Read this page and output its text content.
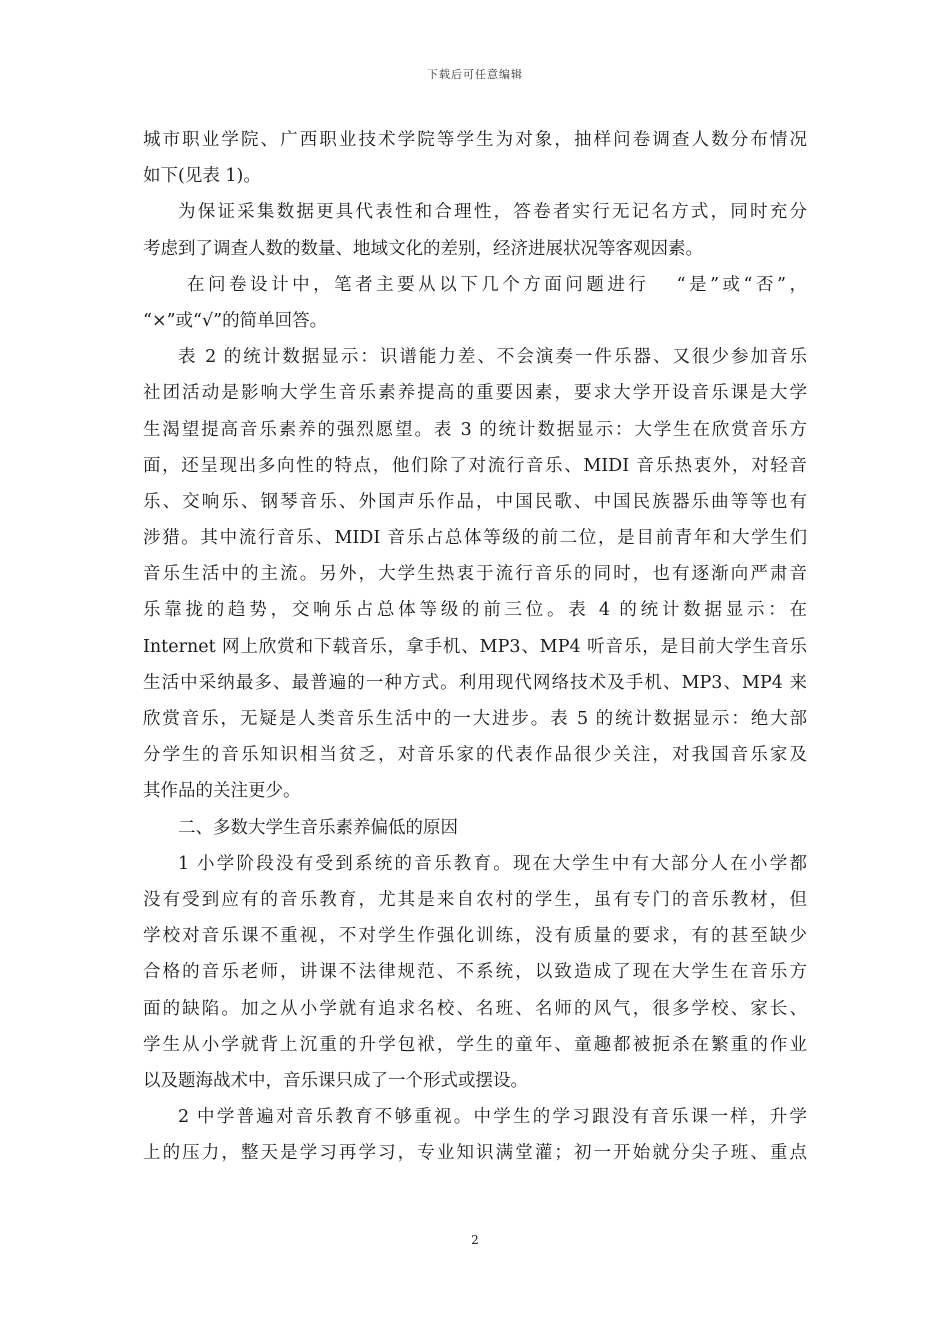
下载后可任意编辑
城市职业学院、广西职业技术学院等学生为对象，抽样问卷调查人数分布情况
如下(见表 1)。
为保证采集数据更具代表性和合理性，答卷者实行无记名方式，同时充分
考虑到了调查人数的数量、地域文化的差别，经济进展状况等客观因素。
在问卷设计中，笔者主要从以下几个方面问题进行   “是”或“否”，
“×”或“√”的简单回答。
表 2 的统计数据显示：识谱能力差、不会演奏一件乐器、又很少参加音乐
社团活动是影响大学生音乐素养提高的重要因素，要求大学开设音乐课是大学
生渴望提高音乐素养的强烈愿望。表 3 的统计数据显示：大学生在欣赏音乐方
面，还呈现出多向性的特点，他们除了对流行音乐、MIDI 音乐热衷外，对轻音
乐、交响乐、钢琴音乐、外国声乐作品，中国民歌、中国民族器乐曲等等也有
涉猎。其中流行音乐、MIDI 音乐占总体等级的前二位，是目前青年和大学生们
音乐生活中的主流。另外，大学生热衷于流行音乐的同时，也有逐渐向严肃音
乐靠拢的趋势，交响乐占总体等级的前三位。表 4 的统计数据显示：在
Internet 网上欣赏和下载音乐，拿手机、MP3、MP4 听音乐，是目前大学生音乐
生活中采纳最多、最普遍的一种方式。利用现代网络技术及手机、MP3、MP4 来
欣赏音乐，无疑是人类音乐生活中的一大进步。表 5 的统计数据显示：绝大部
分学生的音乐知识相当贫乏，对音乐家的代表作品很少关注，对我国音乐家及
其作品的关注更少。
二、多数大学生音乐素养偏低的原因
1 小学阶段没有受到系统的音乐教育。现在大学生中有大部分人在小学都
没有受到应有的音乐教育，尤其是来自农村的学生，虽有专门的音乐教材，但
学校对音乐课不重视，不对学生作强化训练，没有质量的要求，有的甚至缺少
合格的音乐老师，讲课不法律规范、不系统，以致造成了现在大学生在音乐方
面的缺陷。加之从小学就有追求名校、名班、名师的风气，很多学校、家长、
学生从小学就背上沉重的升学包袱，学生的童年、童趣都被扼杀在繁重的作业
以及题海战术中，音乐课只成了一个形式或摆设。
2 中学普遍对音乐教育不够重视。中学生的学习跟没有音乐课一样，升学
上的压力，整天是学习再学习，专业知识满堂灌；初一开始就分尖子班、重点
2
